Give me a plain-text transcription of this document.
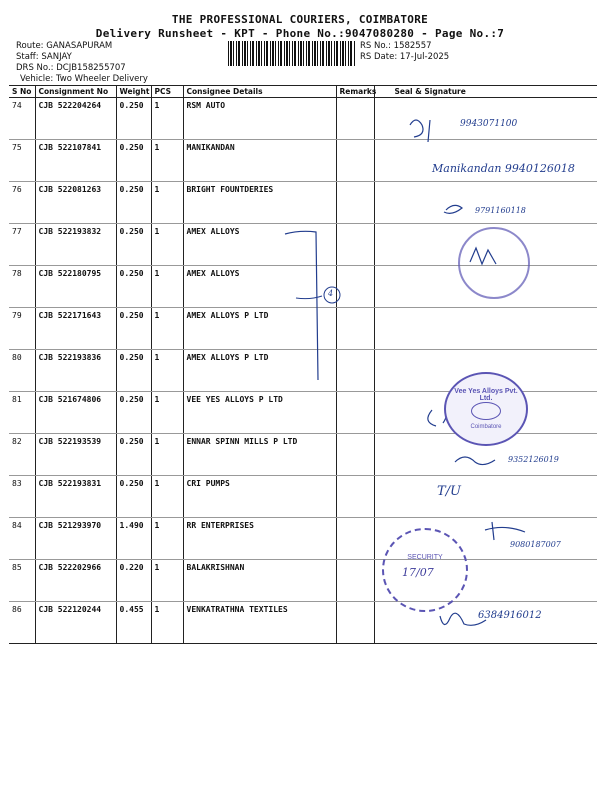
THE PROFESSIONAL COURIERS, COIMBATORE
Delivery Runsheet - KPT - Phone No.:9047080280 - Page No.:7
Route: GANASAPURAM
Staff: SANJAY
DRS No.: DCJB158255707
Vehicle: Two Wheeler Delivery
RS No.: 1582557
RS Date: 17-Jul-2025
S No	Consignment No	Weight	PCS	Consignee Details	Remarks	Seal & Signature
74	CJB 522204264	0.250	1	RSM AUTO		
75	CJB 522107841	0.250	1	MANIKANDAN		
76	CJB 522081263	0.250	1	BRIGHT FOUNTDERIES		
77	CJB 522193832	0.250	1	AMEX ALLOYS		
78	CJB 522180795	0.250	1	AMEX ALLOYS		
79	CJB 522171643	0.250	1	AMEX ALLOYS P LTD		
80	CJB 522193836	0.250	1	AMEX ALLOYS P LTD		
81	CJB 521674806	0.250	1	VEE YES ALLOYS P LTD		
82	CJB 522193539	0.250	1	ENNAR SPINN MILLS P LTD		
83	CJB 522193831	0.250	1	CRI PUMPS		
84	CJB 521293970	1.490	1	RR ENTERPRISES		
85	CJB 522202966	0.220	1	BALAKRISHNAN		
86	CJB 522120244	0.455	1	VENKATRATHNA TEXTILES		
9943071100
Manikandan 9940126018
9791160118
4
9352126019
T/U
9080187007
6384916012
Vee Yes Alloys Pvt. Ltd.
Coimbatore
17/07
SECURITY
